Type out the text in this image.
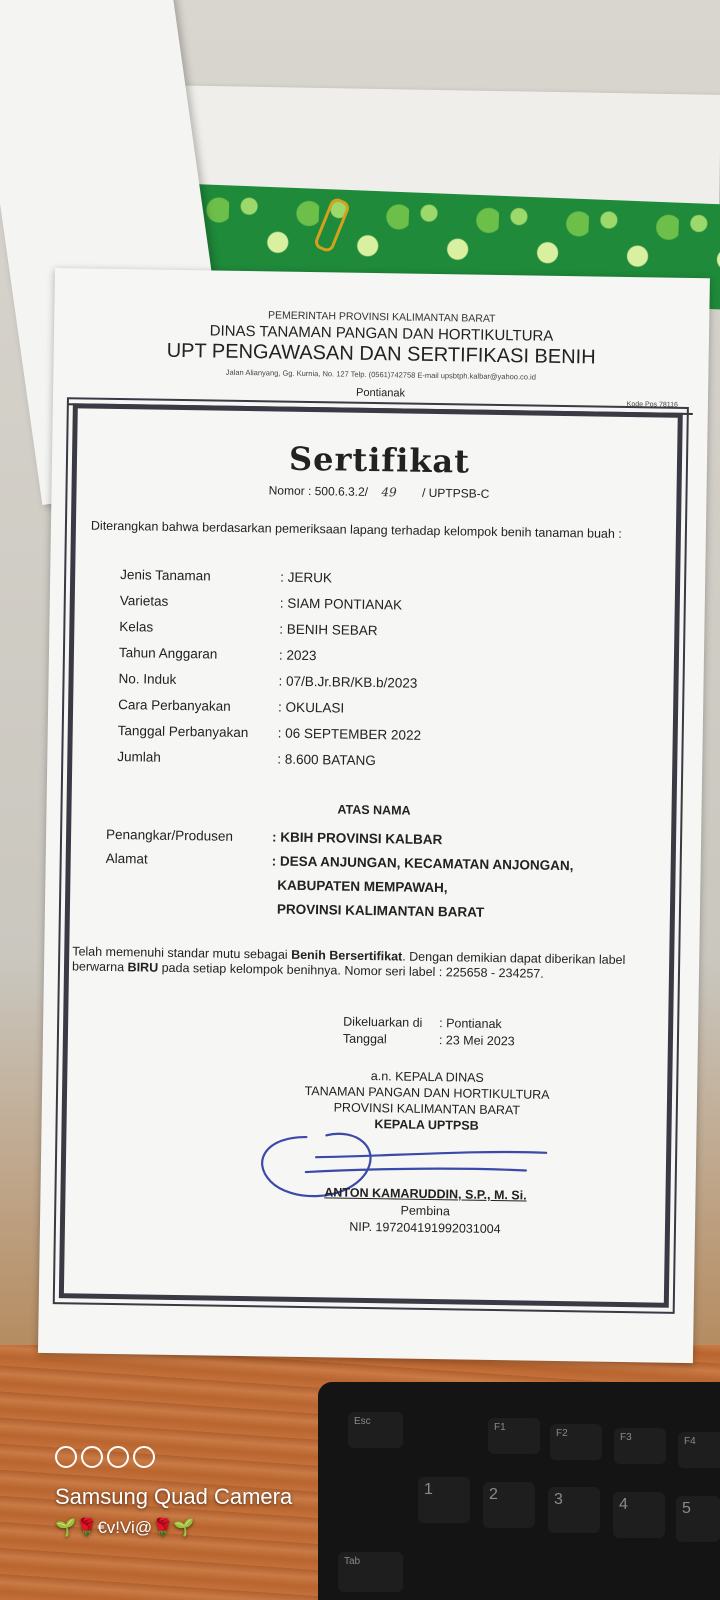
PEMERINTAH PROVINSI KALIMANTAN BARAT
DINAS TANAMAN PANGAN DAN HORTIKULTURA
UPT PENGAWASAN DAN SERTIFIKASI BENIH
Jalan Alianyang, Gg. Kurnia, No. 127 Telp. (0561)742758 E-mail upsbtph.kalbar@yahoo.co.id
Pontianak
Kode Pos 78116
Sertifikat
Nomor : 500.6.3.2/ 49 / UPTPSB-C
Diterangkan bahwa berdasarkan pemeriksaan lapang terhadap kelompok benih tanaman buah :
Jenis Tanaman	: JERUK
Varietas	: SIAM PONTIANAK
Kelas	: BENIH SEBAR
Tahun Anggaran	: 2023
No. Induk	: 07/B.Jr.BR/KB.b/2023
Cara Perbanyakan	: OKULASI
Tanggal Perbanyakan : 06 SEPTEMBER 2022
Jumlah	: 8.600 BATANG
ATAS NAMA
Penangkar/Produsen	: KBIH PROVINSI KALBAR
Alamat	: DESA ANJUNGAN, KECAMATAN ANJONGAN,
KABUPATEN MEMPAWAH,
PROVINSI KALIMANTAN BARAT
Telah memenuhi standar mutu sebagai Benih Bersertifikat. Dengan demikian dapat diberikan label berwarna BIRU pada setiap kelompok benihnya. Nomor seri label : 225658 - 234257.
Dikeluarkan di : Pontianak
Tanggal	: 23 Mei 2023
a.n. KEPALA DINAS
TANAMAN PANGAN DAN HORTIKULTURA
PROVINSI KALIMANTAN BARAT
KEPALA UPTPSB
ANTON KAMARUDDIN, S.P., M. Si.
Pembina
NIP. 197204191992031004
Esc
F1
F2	F3	F4
1	2	3	4	5
Tab
Samsung Quad Camera
🌱🌹€v!Vi@🌹🌱
